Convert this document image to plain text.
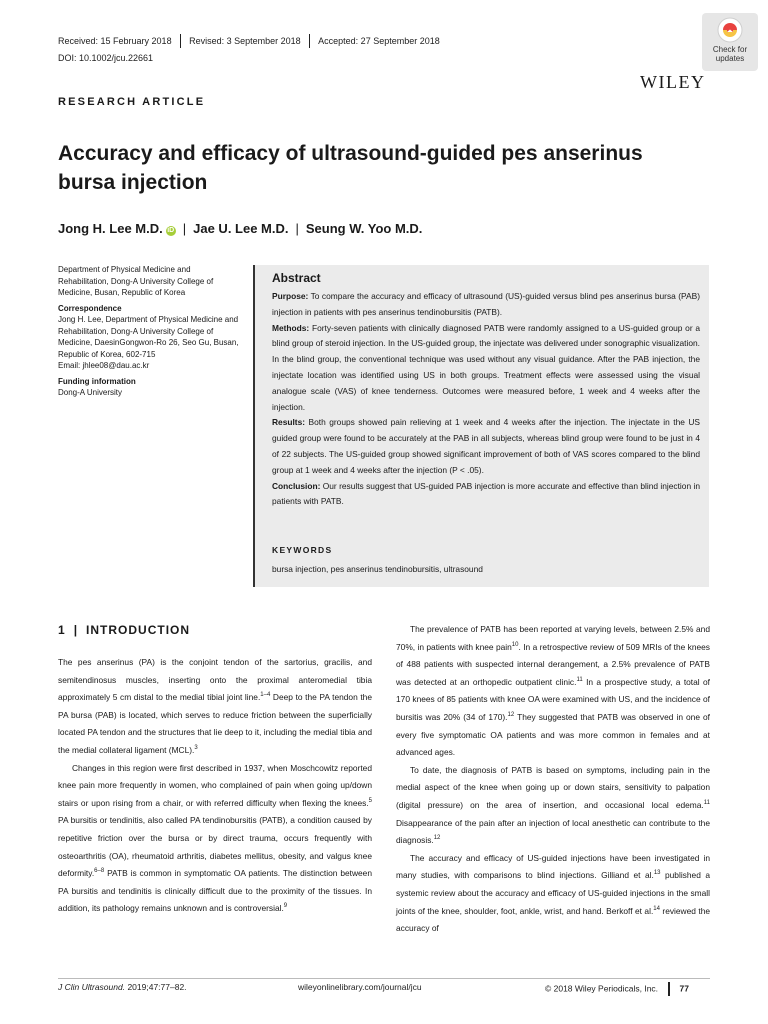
Received: 15 February 2018 Revised: 3 September 2018 Accepted: 27 September 2018
DOI: 10.1002/jcu.22661
Check for
updates
WILEY
RESEARCH ARTICLE
Accuracy and efficacy of ultrasound-guided pes anserinus
bursa injection
Jong H. Lee M.D. iD | Jae U. Lee M.D. | Seung W. Yoo M.D.
Department of Physical Medicine and Rehabilitation, Dong-A University College of Medicine, Busan, Republic of Korea
Correspondence
Jong H. Lee, Department of Physical Medicine and Rehabilitation, Dong-A University College of Medicine, DaesinGongwon-Ro 26, Seo Gu, Busan, Republic of Korea, 602-715
Email: jhlee08@dau.ac.kr
Funding information
Dong-A University
Abstract
Purpose: To compare the accuracy and efficacy of ultrasound (US)-guided versus blind pes anserinus bursa (PAB) injection in patients with pes anserinus tendinobursitis (PATB).
Methods: Forty-seven patients with clinically diagnosed PATB were randomly assigned to a US-guided group or a blind group of steroid injection. In the US-guided group, the injectate was delivered under sonographic visualization. In the blind group, the conventional technique was used without any visual guidance. After the PAB injection, the injectate location was identified using US in both groups. Treatment effects were assessed using the visual analogue scale (VAS) of knee tenderness. Outcomes were measured before, 1 week and 4 weeks after the injection.
Results: Both groups showed pain relieving at 1 week and 4 weeks after the injection. The injectate in the US guided group were found to be accurately at the PAB in all subjects, whereas blind group were found to be just in 4 of 22 subjects. The US-guided group showed significant improvement of both of VAS scores compared to the blind group at 1 week and 4 weeks after the injection (P < .05).
Conclusion: Our results suggest that US-guided PAB injection is more accurate and effective than blind injection in patients with PATB.
KEYWORDS
bursa injection, pes anserinus tendinobursitis, ultrasound
1 | INTRODUCTION

The pes anserinus (PA) is the conjoint tendon of the sartorius, gracilis, and semitendinosus muscles, inserting onto the proximal anteromedial tibia approximately 5 cm distal to the medial tibial joint line.$^{1-4}$ Deep to the PA tendon the PA bursa (PAB) is located, which serves to reduce friction between the superficially located PA tendon and the structures that lie deep to it, including the medial tibia and the medial collateral ligament (MCL).$^3$

Changes in this region were first described in 1937, when Moschcowitz reported knee pain more frequently in women, who complained of pain when going up/down stairs or upon rising from a chair, or with referred difficulty when flexing the knees.$^5$ PA bursitis or tendinitis, also called PA tendinobursitis (PATB), a condition caused by repetitive friction over the bursa or by direct trauma, occurs frequently with osteoarthritis (OA), rheumatoid arthritis, diabetes mellitus, obesity, and valgus knee deformity.$^{6-8}$ PATB is common in symptomatic OA patients. The distinction between PA bursitis and tendinitis is clinically difficult due to the proximity of the tissues. In addition, its pathology remains unknown and is controversial.$^9$

The prevalence of PATB has been reported at varying levels, between 2.5% and 70%, in patients with knee pain$^{10}$. In a retrospective review of 509 MRIs of the knees of 488 patients with suspected internal derangement, a 2.5% prevalence of PATB was detected at an orthopedic outpatient clinic.$^{11}$ In a prospective study, a total of 170 knees of 85 patients with knee OA were examined with US, and the incidence of bursitis was 20% (34 of 170).$^{12}$ They suggested that PATB was observed in one of every five symptomatic OA patients and was more common in females and at advanced ages.

To date, the diagnosis of PATB is based on symptoms, including pain in the medial aspect of the knee when going up or down stairs, sensitivity to palpation (digital pressure) on the area of insertion, and occasional local edema.$^{11}$ Disappearance of the pain after an injection of local anesthetic can contribute to the diagnosis.$^{12}$

The accuracy and efficacy of US-guided injections have been investigated in many studies, with comparisons to blind injections. Gilliand et al.$^{13}$ published a systemic review about the accuracy and efficacy of US-guided injections in the small joints of the knee, shoulder, foot, ankle, wrist, and hand. Berkoff et al.$^{14}$ reviewed the accuracy of

J Clin Ultrasound. 2019;47:77–82.	wileyonlinelibrary.com/journal/jcu	© 2018 Wiley Periodicals, Inc.	77
